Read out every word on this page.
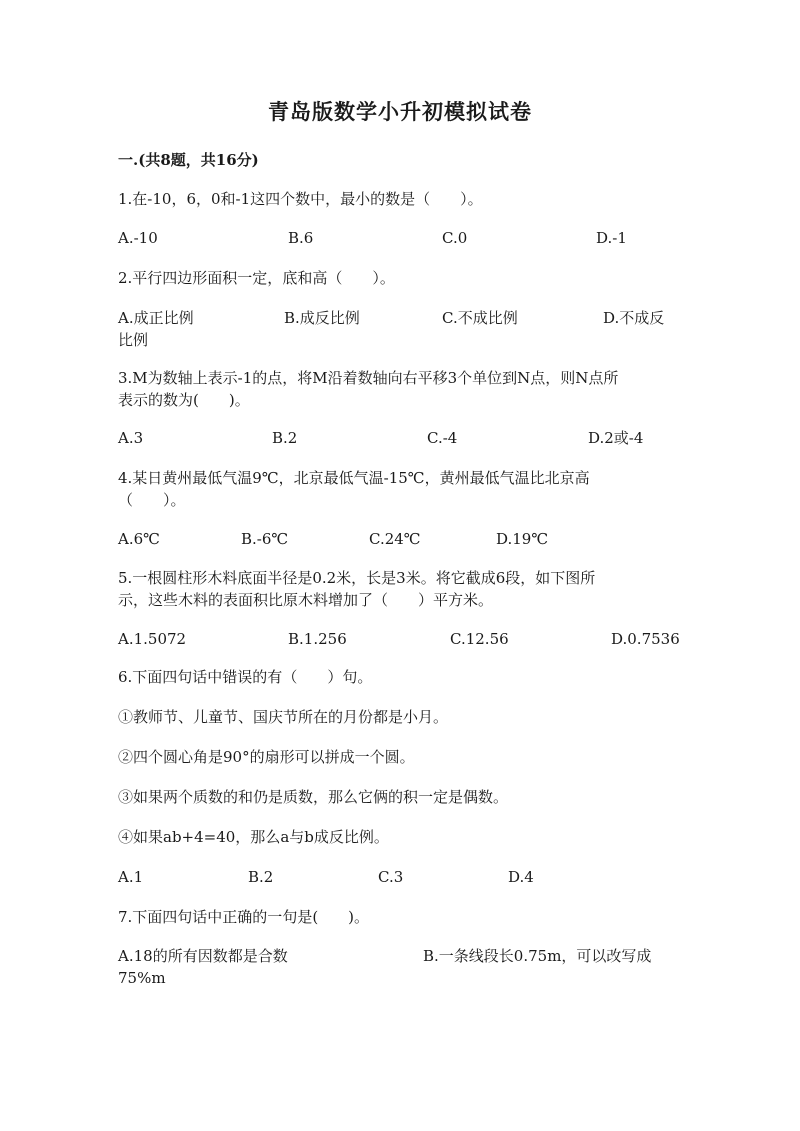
青岛版数学小升初模拟试卷
一.(共8题，共16分)
1.在-10，6，0和-1这四个数中，最小的数是（　　）。
A.-10	B.6	C.0	D.-1
2.平行四边形面积一定，底和高（　　）。
A.成正比例	B.成反比例	C.不成比例	D.不成反
比例
3.M为数轴上表示-1的点，将M沿着数轴向右平移3个单位到N点，则N点所
表示的数为(　　)。
A.3	B.2	C.-4	D.2或-4
4.某日黄州最低气温9℃，北京最低气温-15℃，黄州最低气温比北京高
（　　）。
A.6℃	B.-6℃	C.24℃	D.19℃
5.一根圆柱形木料底面半径是0.2米，长是3米。将它截成6段，如下图所
示，这些木料的表面积比原木料增加了（　　）平方米。
A.1.5072	B.1.256	C.12.56	D.0.7536
6.下面四句话中错误的有（　　）句。
①教师节、儿童节、国庆节所在的月份都是小月。
②四个圆心角是90°的扇形可以拼成一个圆。
③如果两个质数的和仍是质数，那么它俩的积一定是偶数。
④如果ab+4=40，那么a与b成反比例。
A.1	B.2	C.3	D.4
7.下面四句话中正确的一句是(　　)。
A.18的所有因数都是合数	B.一条线段长0.75m，可以改写成
75%m
